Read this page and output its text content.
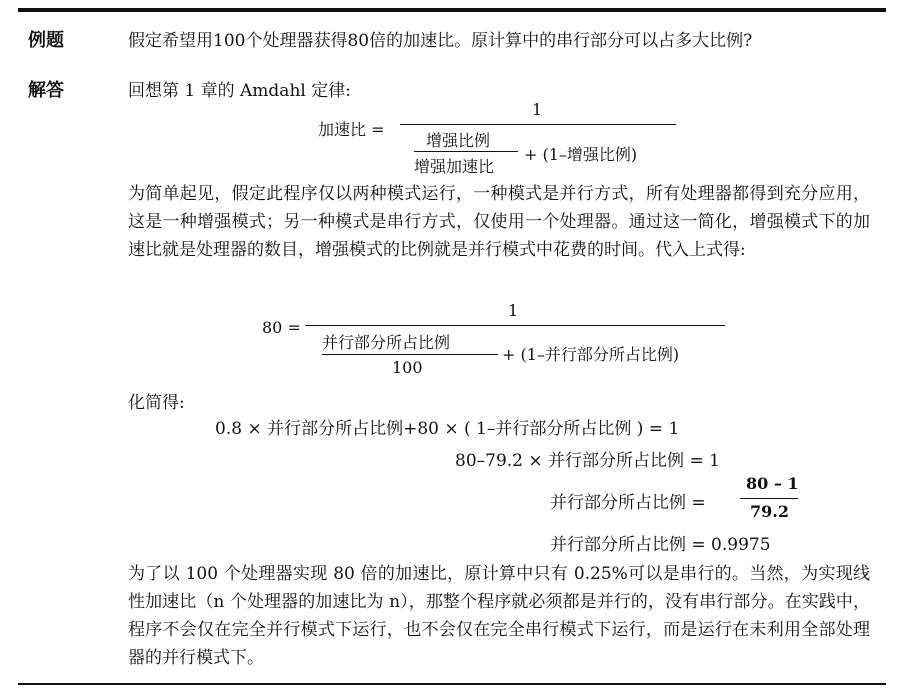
例题	假定希望用100个处理器获得80倍的加速比。原计算中的串行部分可以占多大比例?
解答	回想第 1 章的 Amdahl 定律:
加速比 =
1
增强比例
增强加速比
+ (1–增强比例)

为简单起见，假定此程序仅以两种模式运行，一种模式是并行方式，所有处理器都得到充分应用，这是一种增强模式；另一种模式是串行方式，仅使用一个处理器。通过这一简化，增强模式下的加速比就是处理器的数目，增强模式的比例就是并行模式中花费的时间。代入上式得:

80 =
1
并行部分所占比例
100
+ (1–并行部分所占比例)
化简得:
0.8 × 并行部分所占比例+80 × ( 1–并行部分所占比例 ) = 1
80–79.2 × 并行部分所占比例 = 1
并行部分所占比例 =
80 – 1
79.2
并行部分所占比例 = 0.9975

为了以 100 个处理器实现 80 倍的加速比，原计算中只有 0.25%可以是串行的。当然，为实现线性加速比（n 个处理器的加速比为 n），那整个程序就必须都是并行的，没有串行部分。在实践中，程序不会仅在完全并行模式下运行，也不会仅在完全串行模式下运行，而是运行在未利用全部处理器的并行模式下。
